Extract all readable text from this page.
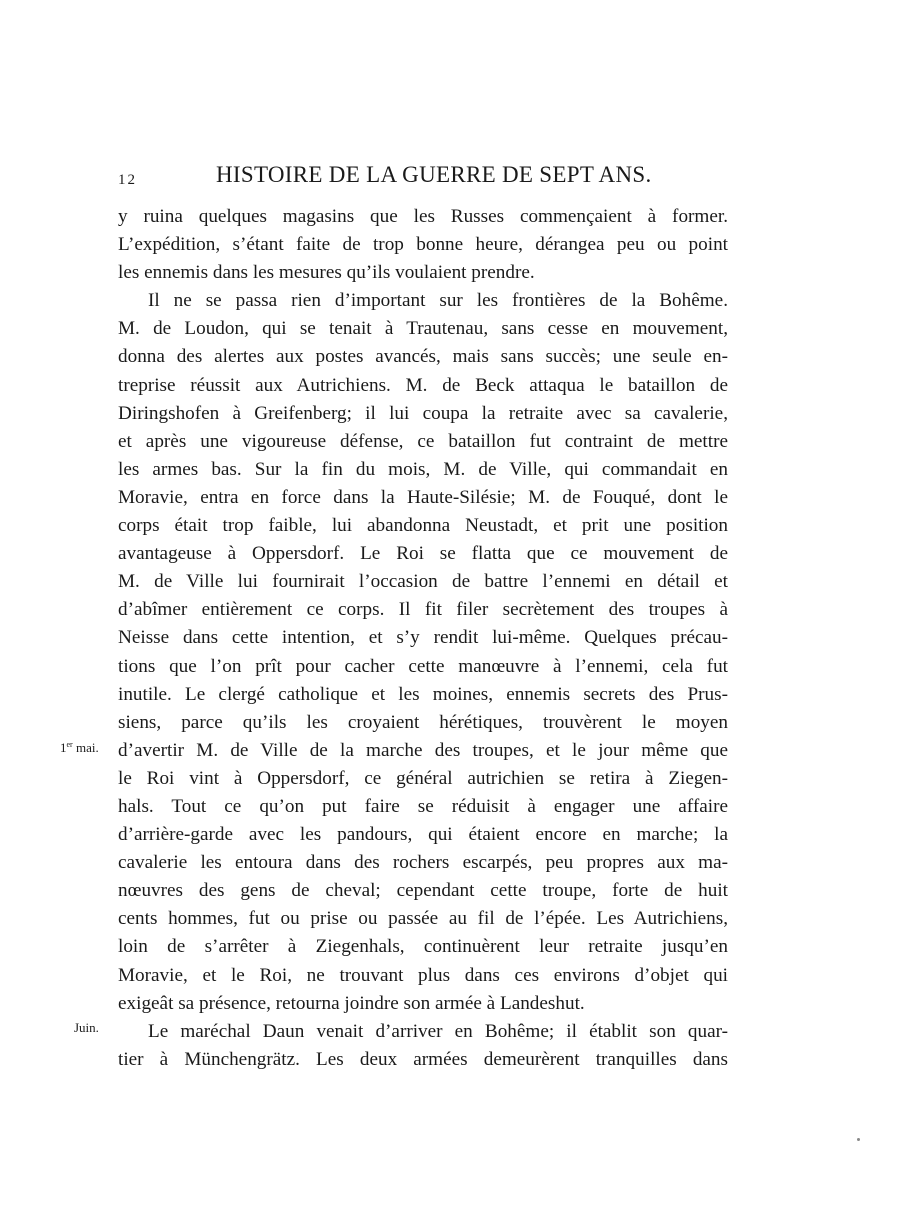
12	HISTOIRE DE LA GUERRE DE SEPT ANS.
1er mai.
Juin.
y ruina quelques magasins que les Russes commençaient à former.
L’expédition, s’étant faite de trop bonne heure, dérangea peu ou point
les ennemis dans les mesures qu’ils voulaient prendre.
Il ne se passa rien d’important sur les frontières de la Bohême.
M. de Loudon, qui se tenait à Trautenau, sans cesse en mouvement,
donna des alertes aux postes avancés, mais sans succès; une seule en-
treprise réussit aux Autrichiens. M. de Beck attaqua le bataillon de
Diringshofen à Greifenberg; il lui coupa la retraite avec sa cavalerie,
et après une vigoureuse défense, ce bataillon fut contraint de mettre
les armes bas. Sur la fin du mois, M. de Ville, qui commandait en
Moravie, entra en force dans la Haute-Silésie; M. de Fouqué, dont le
corps était trop faible, lui abandonna Neustadt, et prit une position
avantageuse à Oppersdorf. Le Roi se flatta que ce mouvement de
M. de Ville lui fournirait l’occasion de battre l’ennemi en détail et
d’abîmer entièrement ce corps. Il fit filer secrètement des troupes à
Neisse dans cette intention, et s’y rendit lui-même. Quelques précau-
tions que l’on prît pour cacher cette manœuvre à l’ennemi, cela fut
inutile. Le clergé catholique et les moines, ennemis secrets des Prus-
siens, parce qu’ils les croyaient hérétiques, trouvèrent le moyen
d’avertir M. de Ville de la marche des troupes, et le jour même que
le Roi vint à Oppersdorf, ce général autrichien se retira à Ziegen-
hals. Tout ce qu’on put faire se réduisit à engager une affaire
d’arrière-garde avec les pandours, qui étaient encore en marche; la
cavalerie les entoura dans des rochers escarpés, peu propres aux ma-
nœuvres des gens de cheval; cependant cette troupe, forte de huit
cents hommes, fut ou prise ou passée au fil de l’épée. Les Autrichiens,
loin de s’arrêter à Ziegenhals, continuèrent leur retraite jusqu’en
Moravie, et le Roi, ne trouvant plus dans ces environs d’objet qui
exigeât sa présence, retourna joindre son armée à Landeshut.
Le maréchal Daun venait d’arriver en Bohême; il établit son quar-
tier à Münchengrätz. Les deux armées demeurèrent tranquilles dans
